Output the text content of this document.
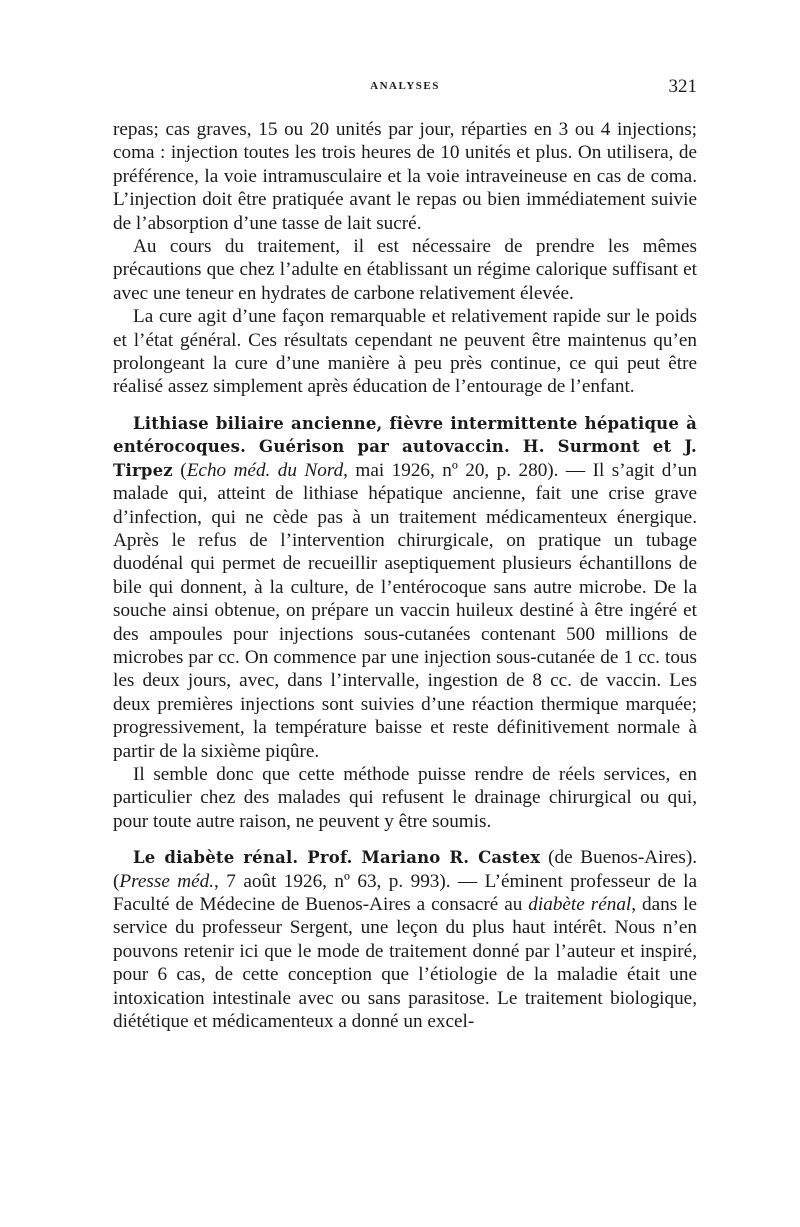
ANALYSES	321

repas; cas graves, 15 ou 20 unités par jour, réparties en 3 ou 4 injections; coma : injection toutes les trois heures de 10 unités et plus. On utilisera, de préférence, la voie intramusculaire et la voie intraveineuse en cas de coma. L’injection doit être pratiquée avant le repas ou bien immédiatement suivie de l’absorption d’une tasse de lait sucré.

Au cours du traitement, il est nécessaire de prendre les mêmes précautions que chez l’adulte en établissant un régime calorique suffisant et avec une teneur en hydrates de carbone relativement élevée.

La cure agit d’une façon remarquable et relativement rapide sur le poids et l’état général. Ces résultats cependant ne peuvent être maintenus qu’en prolongeant la cure d’une manière à peu près continue, ce qui peut être réalisé assez simplement après éducation de l’entourage de l’enfant.

Lithiase biliaire ancienne, fièvre intermittente hépatique à entérocoques. Guérison par autovaccin. H. Surmont et J. Tirpez (Echo méd. du Nord, mai 1926, nº 20, p. 280). — Il s’agit d’un malade qui, atteint de lithiase hépatique ancienne, fait une crise grave d’infection, qui ne cède pas à un traitement médicamenteux énergique. Après le refus de l’intervention chirurgicale, on pratique un tubage duodénal qui permet de recueillir aseptiquement plusieurs échantillons de bile qui donnent, à la culture, de l’entérocoque sans autre microbe. De la souche ainsi obtenue, on prépare un vaccin huileux destiné à être ingéré et des ampoules pour injections sous-cutanées contenant 500 millions de microbes par cc. On commence par une injection sous-cutanée de 1 cc. tous les deux jours, avec, dans l’intervalle, ingestion de 8 cc. de vaccin. Les deux premières injections sont suivies d’une réaction thermique marquée; progressivement, la température baisse et reste définitivement normale à partir de la sixième piqûre.

Il semble donc que cette méthode puisse rendre de réels services, en particulier chez des malades qui refusent le drainage chirurgical ou qui, pour toute autre raison, ne peuvent y être soumis.

Le diabète rénal. Prof. Mariano R. Castex (de Buenos-Aires). (Presse méd., 7 août 1926, nº 63, p. 993). — L’éminent professeur de la Faculté de Médecine de Buenos-Aires a consacré au diabète rénal, dans le service du professeur Sergent, une leçon du plus haut intérêt. Nous n’en pouvons retenir ici que le mode de traitement donné par l’auteur et inspiré, pour 6 cas, de cette conception que l’étiologie de la maladie était une intoxication intestinale avec ou sans parasitose. Le traitement biologique, diététique et médicamenteux a donné un excel-
